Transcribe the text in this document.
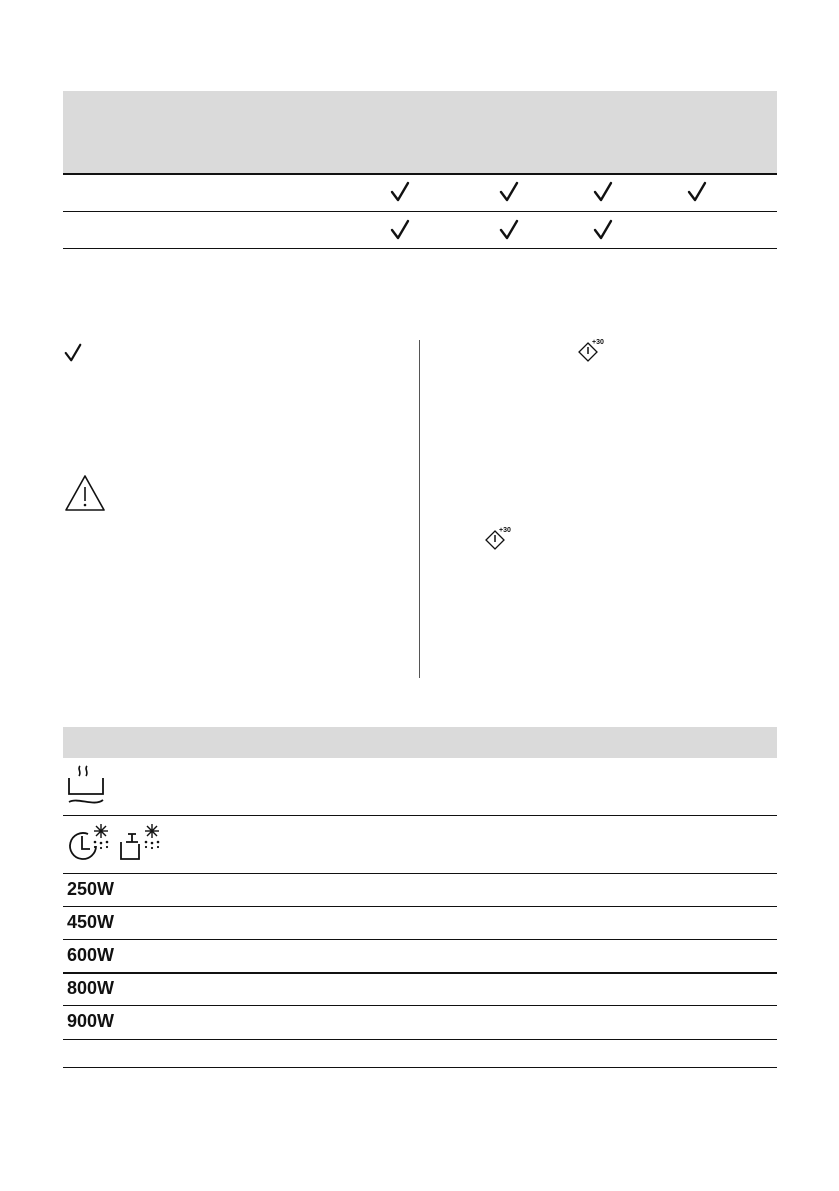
+30
+30
250W
450W
600W
800W
900W
